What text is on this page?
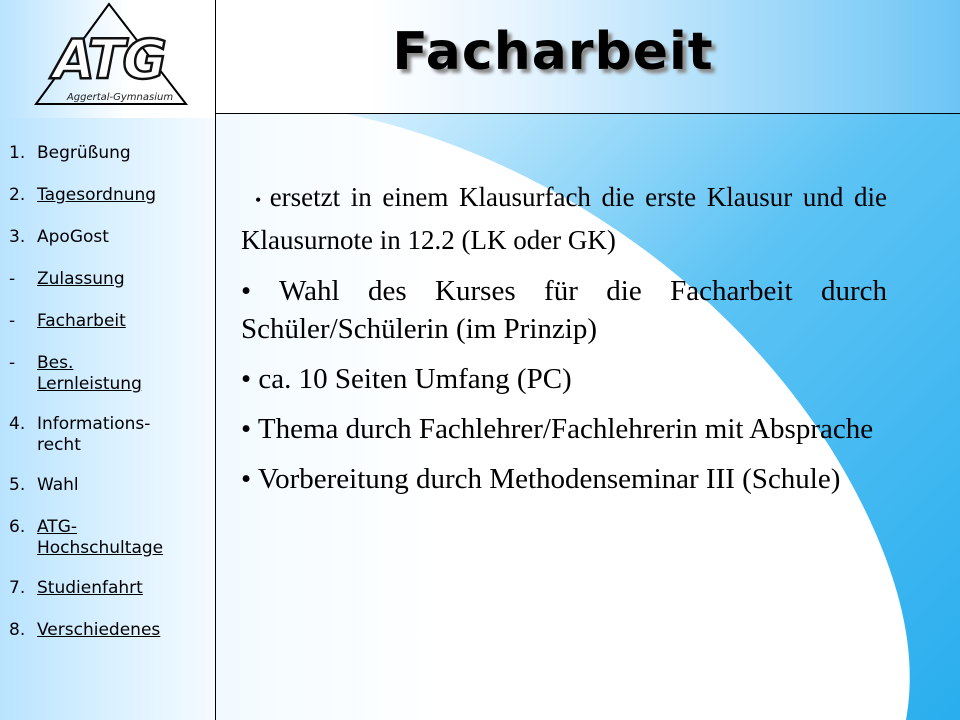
ATG
Aggertal-Gymnasium
Facharbeit
1. Begrüßung
2. Tagesordnung
3. ApoGost
-	Zulassung
-	Facharbeit
-	Bes. Lernleistung
4. Informations-recht
5. Wahl
6. ATG-Hochschultage
7. Studienfahrt
8. Verschiedenes
• ersetzt in einem Klausurfach die erste Klausur und die Klausurnote in 12.2 (LK oder GK)
• Wahl des Kurses für die Facharbeit durch Schüler/Schülerin (im Prinzip)
• ca. 10 Seiten Umfang (PC)
• Thema durch Fachlehrer/Fachlehrerin mit Absprache
• Vorbereitung durch Methodenseminar III (Schule)
